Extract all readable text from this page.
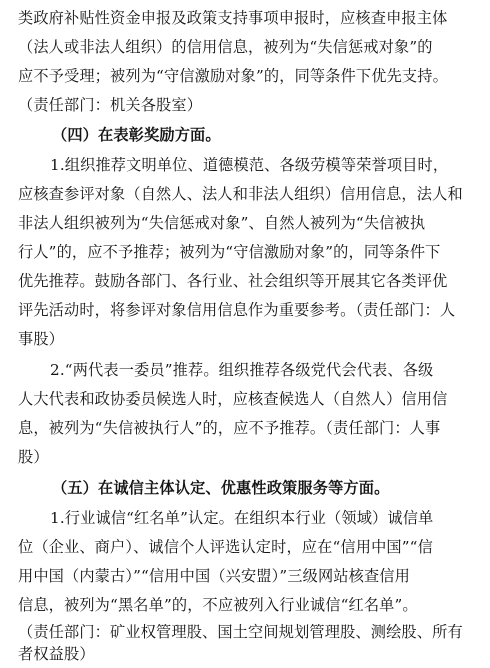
类政府补贴性资金申报及政策支持事项申报时，应核查申报主体
（法人或非法人组织）的信用信息，被列为“失信惩戒对象”的
应不予受理；被列为“守信激励对象”的，同等条件下优先支持。
（责任部门：机关各股室）
（四）在表彰奖励方面。
1.组织推荐文明单位、道德模范、各级劳模等荣誉项目时，
应核查参评对象（自然人、法人和非法人组织）信用信息，法人和
非法人组织被列为“失信惩戒对象”、自然人被列为“失信被执
行人”的，应不予推荐；被列为“守信激励对象”的，同等条件下
优先推荐。鼓励各部门、各行业、社会组织等开展其它各类评优
评先活动时，将参评对象信用信息作为重要参考。（责任部门：人
事股）
2.“两代表一委员”推荐。组织推荐各级党代会代表、各级
人大代表和政协委员候选人时，应核查候选人（自然人）信用信
息，被列为“失信被执行人”的，应不予推荐。（责任部门：人事
股）
（五）在诚信主体认定、优惠性政策服务等方面。
1.行业诚信“红名单”认定。在组织本行业（领域）诚信单
位（企业、商户）、诚信个人评选认定时，应在“信用中国”“信
用中国（内蒙古）”“信用中国（兴安盟）”三级网站核查信用
信息，被列为“黑名单”的，不应被列入行业诚信“红名单”。
（责任部门：矿业权管理股、国土空间规划管理股、测绘股、所有
者权益股）
